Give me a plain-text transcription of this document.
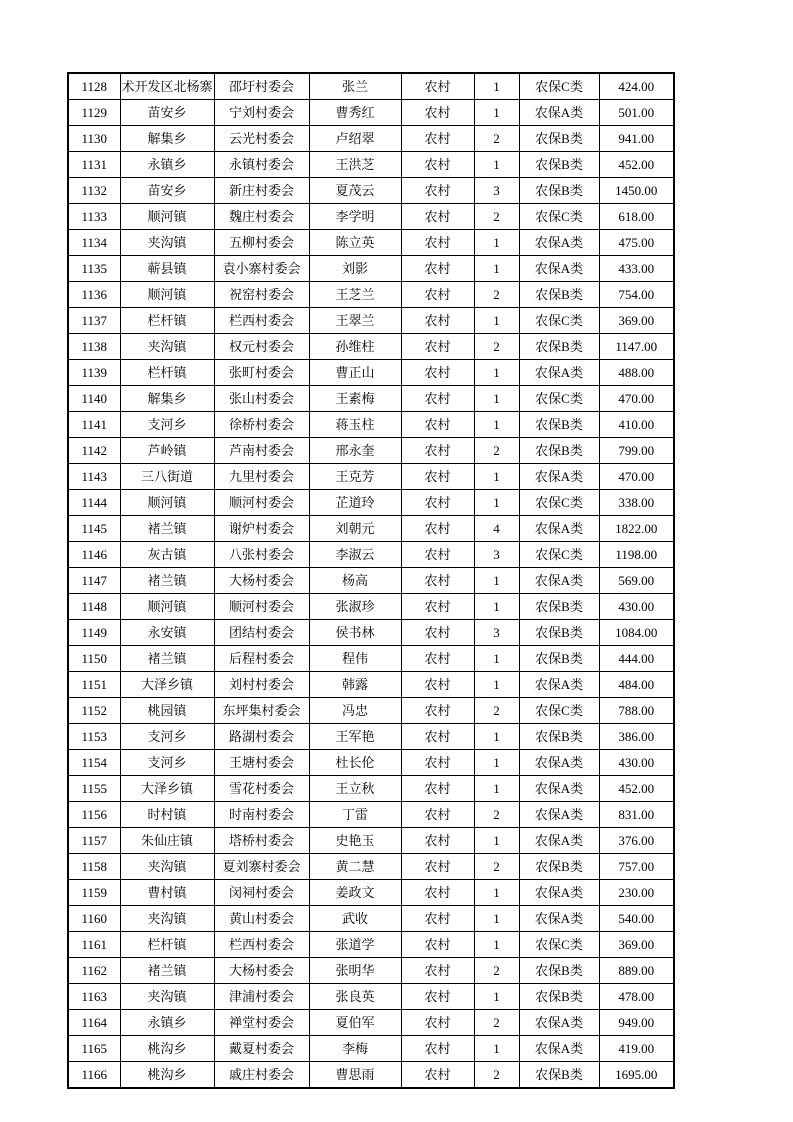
1128	术开发区北杨寨	邵圩村委会	张兰	农村	1	农保C类	424.00
1129	苗安乡	宁刘村委会	曹秀红	农村	1	农保A类	501.00
1130	解集乡	云光村委会	卢绍翠	农村	2	农保B类	941.00
1131	永镇乡	永镇村委会	王洪芝	农村	1	农保B类	452.00
1132	苗安乡	新庄村委会	夏茂云	农村	3	农保B类	1450.00
1133	顺河镇	魏庄村委会	李学明	农村	2	农保C类	618.00
1134	夹沟镇	五柳村委会	陈立英	农村	1	农保A类	475.00
1135	蕲县镇	袁小寨村委会	刘影	农村	1	农保A类	433.00
1136	顺河镇	祝窑村委会	王芝兰	农村	2	农保B类	754.00
1137	栏杆镇	栏西村委会	王翠兰	农村	1	农保C类	369.00
1138	夹沟镇	权元村委会	孙维柱	农村	2	农保B类	1147.00
1139	栏杆镇	张町村委会	曹正山	农村	1	农保A类	488.00
1140	解集乡	张山村委会	王素梅	农村	1	农保C类	470.00
1141	支河乡	徐桥村委会	蒋玉柱	农村	1	农保B类	410.00
1142	芦岭镇	芦南村委会	邢永奎	农村	2	农保B类	799.00
1143	三八街道	九里村委会	王克芳	农村	1	农保A类	470.00
1144	顺河镇	顺河村委会	芷道玲	农村	1	农保C类	338.00
1145	褚兰镇	谢炉村委会	刘朝元	农村	4	农保A类	1822.00
1146	灰古镇	八张村委会	李淑云	农村	3	农保C类	1198.00
1147	褚兰镇	大杨村委会	杨高	农村	1	农保A类	569.00
1148	顺河镇	顺河村委会	张淑珍	农村	1	农保B类	430.00
1149	永安镇	团结村委会	侯书林	农村	3	农保B类	1084.00
1150	褚兰镇	后程村委会	程伟	农村	1	农保B类	444.00
1151	大泽乡镇	刘村村委会	韩露	农村	1	农保A类	484.00
1152	桃园镇	东坪集村委会	冯忠	农村	2	农保C类	788.00
1153	支河乡	路湖村委会	王军艳	农村	1	农保B类	386.00
1154	支河乡	王塘村委会	杜长伦	农村	1	农保A类	430.00
1155	大泽乡镇	雪花村委会	王立秋	农村	1	农保A类	452.00
1156	时村镇	时南村委会	丁雷	农村	2	农保A类	831.00
1157	朱仙庄镇	塔桥村委会	史艳玉	农村	1	农保A类	376.00
1158	夹沟镇	夏刘寨村委会	黄二慧	农村	2	农保B类	757.00
1159	曹村镇	闵祠村委会	姜政文	农村	1	农保A类	230.00
1160	夹沟镇	黄山村委会	武收	农村	1	农保A类	540.00
1161	栏杆镇	栏西村委会	张道学	农村	1	农保C类	369.00
1162	褚兰镇	大杨村委会	张明华	农村	2	农保B类	889.00
1163	夹沟镇	津浦村委会	张良英	农村	1	农保B类	478.00
1164	永镇乡	禅堂村委会	夏伯军	农村	2	农保A类	949.00
1165	桃沟乡	戴夏村委会	李梅	农村	1	农保A类	419.00
1166	桃沟乡	戚庄村委会	曹思雨	农村	2	农保B类	1695.00
